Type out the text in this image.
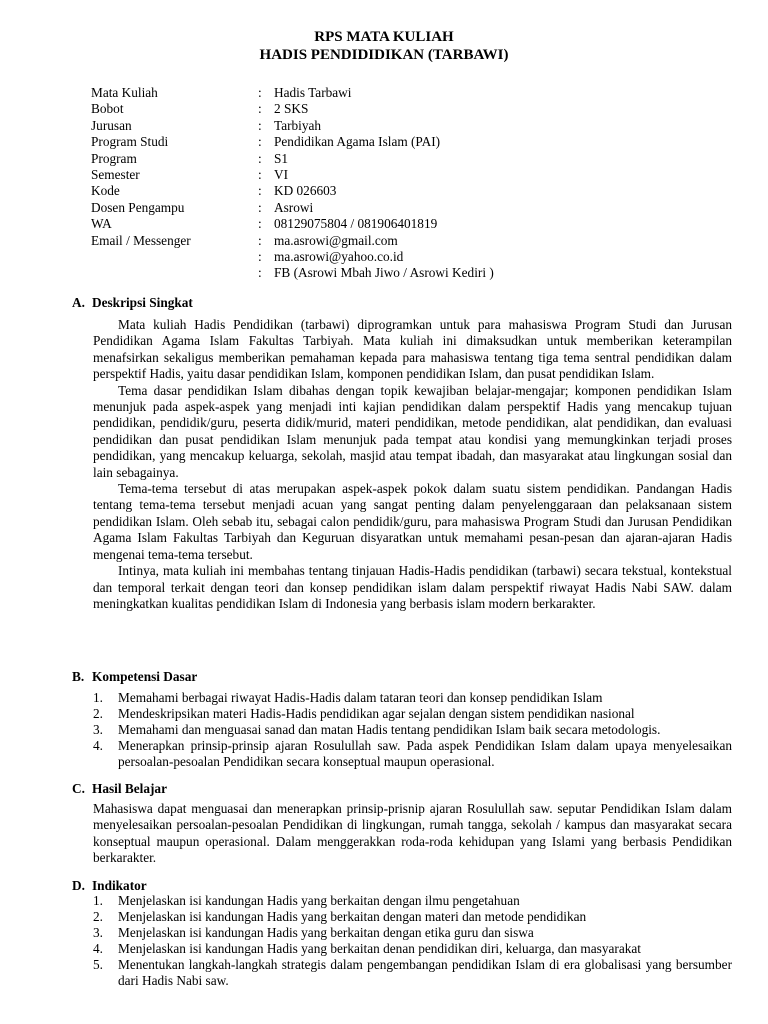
RPS MATA KULIAH
HADIS PENDIDIDIKAN (TARBAWI)
Mata Kuliah	: Hadis Tarbawi
Bobot	: 2 SKS
Jurusan	: Tarbiyah
Program Studi	: Pendidikan Agama Islam (PAI)
Program	: S1
Semester	: VI
Kode	: KD 026603
Dosen Pengampu	: Asrowi
WA	: 08129075804 / 081906401819
Email / Messenger	: ma.asrowi@gmail.com
: ma.asrowi@yahoo.co.id
: FB (Asrowi Mbah Jiwo / Asrowi Kediri )
A. Deskripsi Singkat

Mata kuliah Hadis Pendidikan (tarbawi) diprogramkan untuk para mahasiswa Program Studi dan Jurusan Pendidikan Agama Islam Fakultas Tarbiyah. Mata kuliah ini dimaksudkan untuk memberikan keterampilan menafsirkan sekaligus memberikan pemahaman kepada para mahasiswa tentang tiga tema sentral pendidikan dalam perspektif Hadis, yaitu dasar pendidikan Islam, komponen pendidikan Islam, dan pusat pendidikan Islam.

Tema dasar pendidikan Islam dibahas dengan topik kewajiban belajar-mengajar; komponen pendidikan Islam menunjuk pada aspek-aspek yang menjadi inti kajian pendidikan dalam perspektif Hadis yang mencakup tujuan pendidikan, pendidik/guru, peserta didik/murid, materi pendidikan, metode pendidikan, alat pendidikan, dan evaluasi pendidikan dan pusat pendidikan Islam menunjuk pada tempat atau kondisi yang memungkinkan terjadi proses pendidikan, yang mencakup keluarga, sekolah, masjid atau tempat ibadah, dan masyarakat atau lingkungan sosial dan lain sebagainya.

Tema-tema tersebut di atas merupakan aspek-aspek pokok dalam suatu sistem pendidikan. Pandangan Hadis tentang tema-tema tersebut menjadi acuan yang sangat penting dalam penyelenggaraan dan pelaksanaan sistem pendidikan Islam. Oleh sebab itu, sebagai calon pendidik/guru, para mahasiswa Program Studi dan Jurusan Pendidikan Agama Islam Fakultas Tarbiyah dan Keguruan disyaratkan untuk memahami pesan-pesan dan ajaran-ajaran Hadis mengenai tema-tema tersebut.

Intinya, mata kuliah ini membahas tentang tinjauan Hadis-Hadis pendidikan (tarbawi) secara tekstual, kontekstual dan temporal terkait dengan teori dan konsep pendidikan islam dalam perspektif riwayat Hadis Nabi SAW. dalam meningkatkan kualitas pendidikan Islam di Indonesia yang berbasis islam modern berkarakter.

B. Kompetensi Dasar
1. Memahami berbagai riwayat Hadis-Hadis dalam tataran teori dan konsep pendidikan Islam
2. Mendeskripsikan materi Hadis-Hadis pendidikan agar sejalan dengan sistem pendidikan nasional
3. Memahami dan menguasai sanad dan matan Hadis tentang pendidikan Islam baik secara metodologis.
4. Menerapkan prinsip-prinsip ajaran Rosulullah saw. Pada aspek Pendidikan Islam dalam upaya menyelesaikan persoalan-pesoalan Pendidikan secara konseptual maupun operasional.
C. Hasil Belajar

Mahasiswa dapat menguasai dan menerapkan prinsip-prisnip ajaran Rosulullah saw. seputar Pendidikan Islam dalam menyelesaikan persoalan-pesoalan Pendidikan di lingkungan, rumah tangga, sekolah / kampus dan masyarakat secara konseptual maupun operasional. Dalam menggerakkan roda-roda kehidupan yang Islami yang berbasis Pendidikan berkarakter.

D. Indikator
1. Menjelaskan isi kandungan Hadis yang berkaitan dengan ilmu pengetahuan
2. Menjelaskan isi kandungan Hadis yang berkaitan dengan materi dan metode pendidikan
3. Menjelaskan isi kandungan Hadis yang berkaitan dengan etika guru dan siswa
4. Menjelaskan isi kandungan Hadis yang berkaitan denan pendidikan diri, keluarga, dan masyarakat
5. Menentukan langkah-langkah strategis dalam pengembangan pendidikan Islam di era globalisasi yang bersumber dari Hadis Nabi saw.
